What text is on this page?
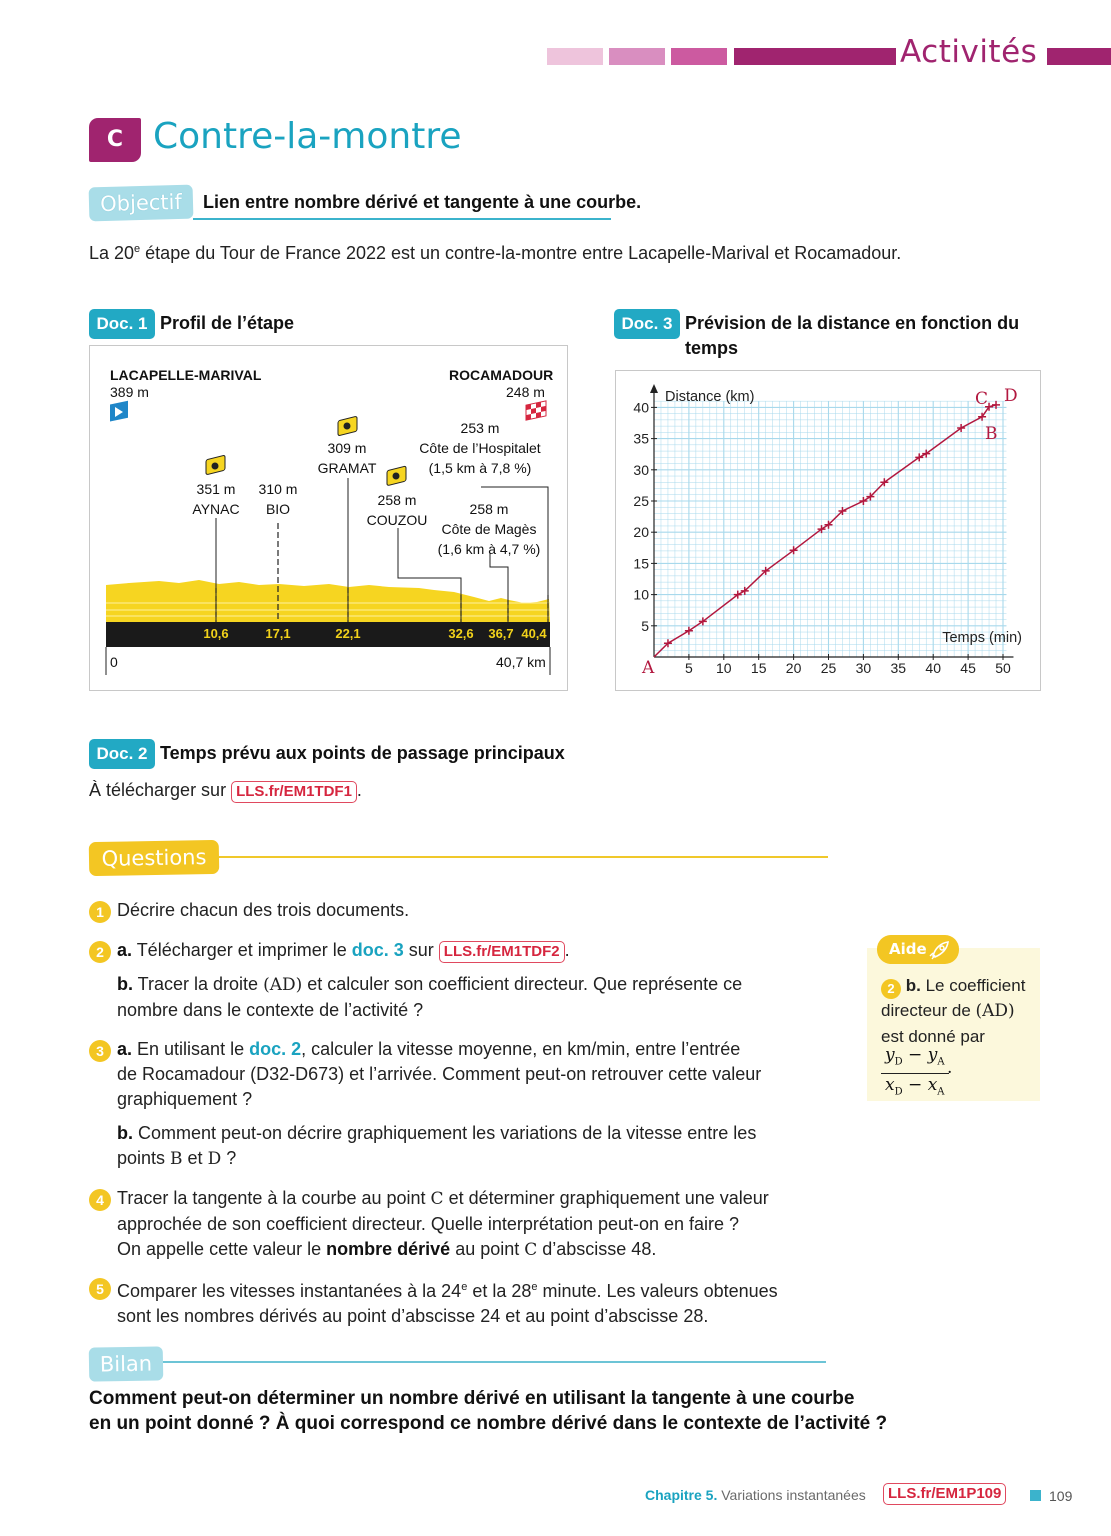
Activités
C Contre-la-montre
Objectif	Lien entre nombre dérivé et tangente à une courbe.
La 20e étape du Tour de France 2022 est un contre-la-montre entre Lacapelle-Marival et Rocamadour.
Doc. 1 Profil de l’étape
LACAPELLE-MARIVAL
389 m
ROCAMADOUR
248 m
351 m
AYNAC
310 m
BIO
309 m
GRAMAT
258 m
COUZOU
258 m
Côte de Magès
(1,6 km à 4,7 %)
253 m
Côte de l’Hospitalet
(1,5 km à 7,8 %)
10,6	17,1	22,1	32,6 36,7 40,4
0	40,7 km
Doc. 3 Prévision de la distance en fonction du temps
5 10 15 20 25 30 35 40 45 50
5
10
15
20
25
30
35
40
Distance (km)
Temps (min)
A
B
C D
Doc. 2 Temps prévu aux points de passage principaux
À télécharger sur LLS.fr/EM1TDF1 .
Questions
1 Décrire chacun des trois documents.
2 a. Télécharger et imprimer le doc. 3 sur LLS.fr/EM1TDF2 .
b. Tracer la droite (AD) et calculer son coefficient directeur. Que représente ce
nombre dans le contexte de l’activité ?
3 a. En utilisant le doc. 2, calculer la vitesse moyenne, en km/min, entre l’entrée
de Rocamadour (D32-D673) et l’arrivée. Comment peut-on retrouver cette valeur
graphiquement ?
b. Comment peut-on décrire graphiquement les variations de la vitesse entre les
points B et D ?
4 Tracer la tangente à la courbe au point C et déterminer graphiquement une valeur
approchée de son coefficient directeur. Quelle interprétation peut-on en faire ?
On appelle cette valeur le nombre dérivé au point C d’abscisse 48.
5 Comparer les vitesses instantanées à la 24e et la 28e minute. Les valeurs obtenues
sont les nombres dérivés au point d’abscisse 24 et au point d’abscisse 28.
Aide
2 b. Le coefficient
directeur de (AD)
est donné par
$y_D - y_A$
$x_D - x_A$
.
Bilan
Comment peut-on déterminer un nombre dérivé en utilisant la tangente à une courbe
en un point donné ? À quoi correspond ce nombre dérivé dans le contexte de l’activité ?
Chapitre 5. Variations instantanées	LLS.fr/EM1P109	109
